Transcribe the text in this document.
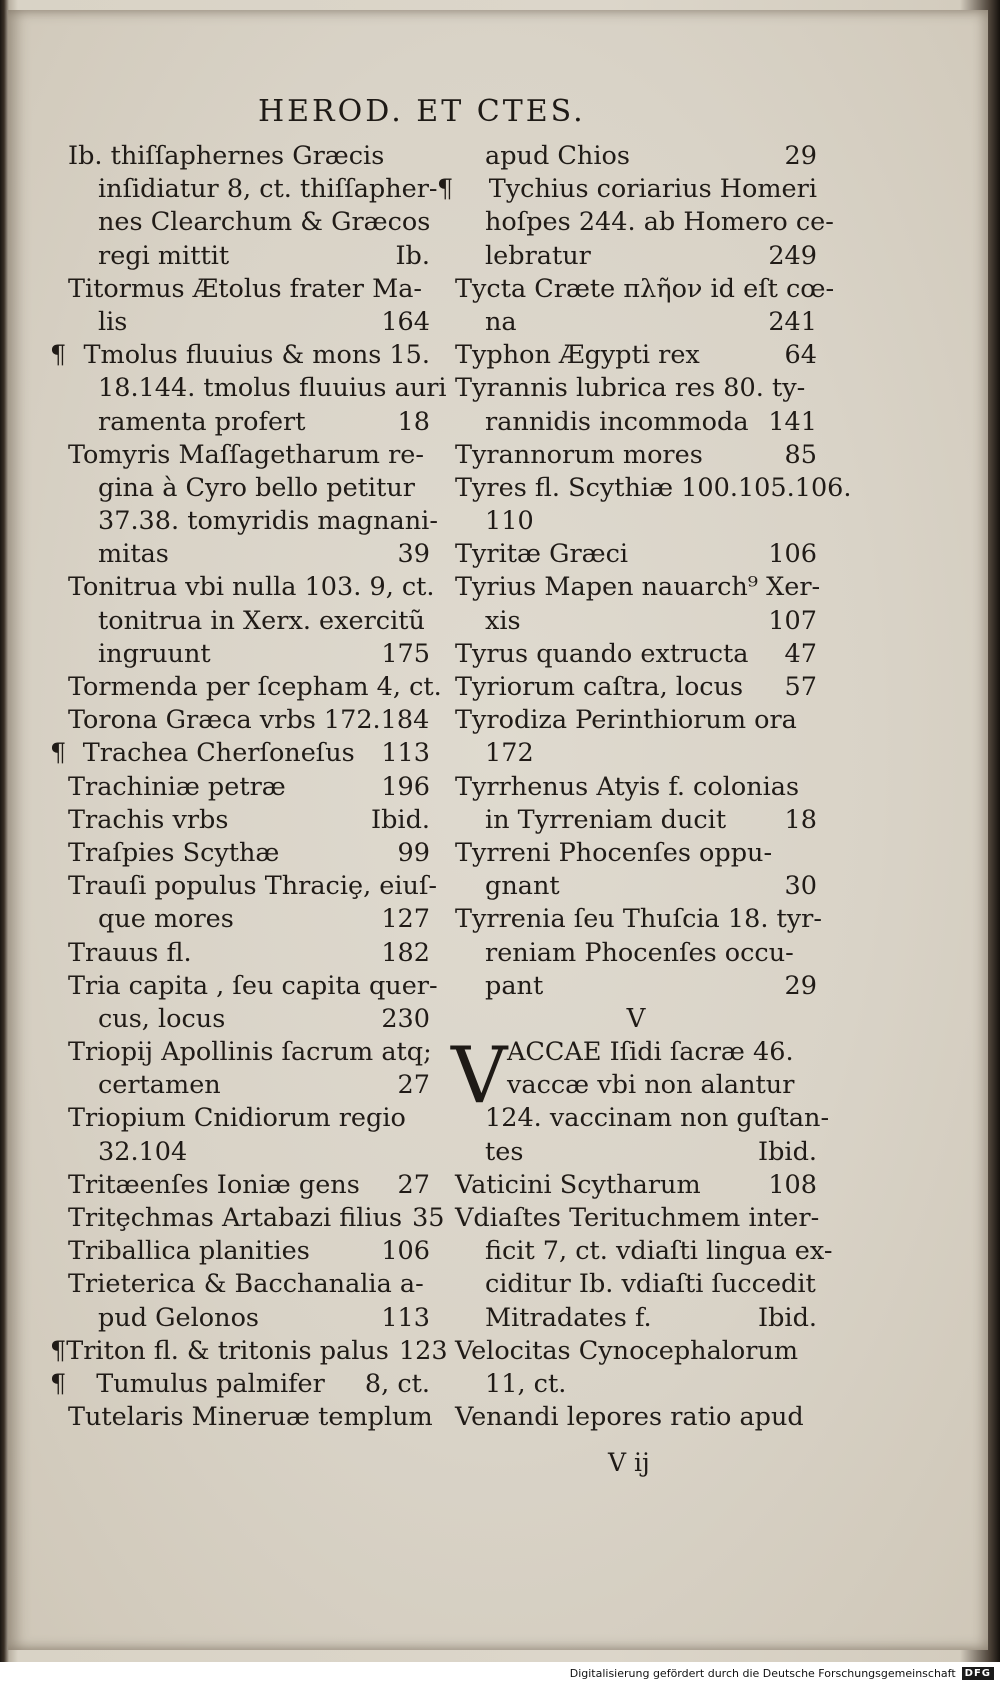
HEROD. ET CTES.
Ib. thiſſaphernes Græcis
inſidiatur 8, ct. thiſſapher-
nes Clearchum & Græcos
regi mittit	Ib.
Titormus Ætolus frater Ma-
lis	164
¶ Tmolus fluuius & mons 15.
18.144. tmolus fluuius auri
ramenta profert	18
Tomyris Maſſagetharum re-
gina à Cyro bello petitur
37.38. tomyridis magnani-
mitas	39
Tonitrua vbi nulla 103. 9, ct.
tonitrua in Xerx. exercitũ
ingruunt	175
Tormenda per ſcepham 4, ct.
Torona Græca vrbs 172.184
¶ Trachea Cherſoneſus	113
Trachiniæ petræ	196
Trachis vrbs	Ibid.
Traſpies Scythæ	99
Trauſi populus Thraciȩ, eiuſ-
que mores	127
Trauus fl.	182
Tria capita , ſeu capita quer-
cus, locus	230
Triopij Apollinis ſacrum atq;
certamen	27
Triopium Cnidiorum regio
32.104
Tritæenſes Ioniæ gens	27
Tritȩchmas Artabazi filius 35
Triballica planities	106
Trieterica & Bacchanalia a-
pud Gelonos	113
¶ Triton fl. & tritonis palus 123
¶ Tumulus palmifer	8, ct.
Tutelaris Mineruæ templum
apud Chios	29
¶ Tychius coriarius Homeri
hoſpes 244. ab Homero ce-
lebratur	249
Tycta Cræte πλῆον id eſt cœ-
na	241
Typhon Ægypti rex	64
Tyrannis lubrica res 80. ty-
rannidis incommoda 141
Tyrannorum mores	85
Tyres fl. Scythiæ 100.105.106.
110
Tyritæ Græci	106
Tyrius Mapen nauarch⁹ Xer-
xis	107
Tyrus quando extructa	47
Tyriorum caſtra, locus	57
Tyrodiza Perinthiorum ora
172
Tyrrhenus Atyis f. colonias
in Tyrreniam ducit	18
Tyrreni Phocenſes oppu-
gnant	30
Tyrrenia ſeu Thuſcia 18. tyr-
reniam Phocenſes occu-
pant	29
V
V ACCAE Iſidi ſacræ 46.
vaccæ vbi non alantur
124. vaccinam non guſtan-
tes	Ibid.
Vaticini Scytharum	108
Vdiaſtes Terituchmem inter-
ficit 7, ct. vdiaſti lingua ex-
ciditur Ib. vdiaſti ſuccedit
Mitradates f.	Ibid.
Velocitas Cynocephalorum
11, ct.
Venandi lepores ratio apud
V ij
Digitalisierung gefördert durch die Deutsche Forschungsgemeinschaft DFG
